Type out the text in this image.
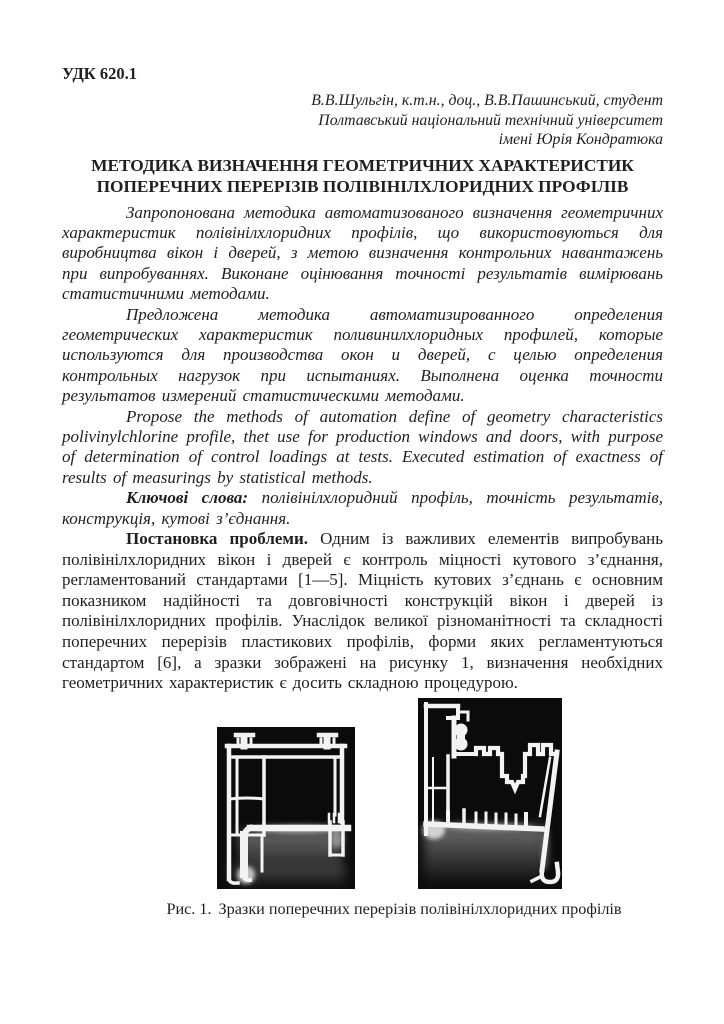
УДК 620.1

В.В.Шульгін, к.т.н., доц., В.В.Пашинський, студент
Полтавський національний технічний університет
імені Юрія Кондратюка
МЕТОДИКА ВИЗНАЧЕННЯ ГЕОМЕТРИЧНИХ ХАРАКТЕРИСТИК
ПОПЕРЕЧНИХ ПЕРЕРІЗІВ ПОЛІВІНІЛХЛОРИДНИХ ПРОФІЛІВ

Запропонована методика автоматизованого визначення геометричних характеристик полівінілхлоридних профілів, що використовуються для виробництва вікон і дверей, з метою визначення контрольних навантажень при випробуваннях. Виконане оцінювання точності результатів вимірювань статистичними методами.

Предложена методика автоматизированного определения геометрических характеристик поливинилхлоридных профилей, которые используются для производства окон и дверей, с целью определения контрольных нагрузок при испытаниях. Выполнена оценка точности результатов измерений статистическими методами.

Propose the methods of automation define of geometry characteristics polivinylchlorine profile, thet use for production windows and doors, with purpose of determination of control loadings at tests. Executed estimation of exactness of results of measurings by statistical methods.

Ключові слова: полівінілхлоридний профіль, точність результатів, конструкція, кутові з’єднання.

Постановка проблеми. Одним із важливих елементів випробувань полівінілхлоридних вікон і дверей є контроль міцності кутового з’єднання, регламентований стандартами [1—5]. Міцність кутових з’єднань є основним показником надійності та довговічності конструкцій вікон і дверей із полівінілхлоридних профілів. Унаслідок великої різноманітності та складності поперечних перерізів пластикових профілів, форми яких регламентуються стандартом [6], а зразки зображені на рисунку 1, визначення необхідних геометричних характеристик є досить складною процедурою.

Рис. 1. Зразки поперечних перерізів полівінілхлоридних профілів
